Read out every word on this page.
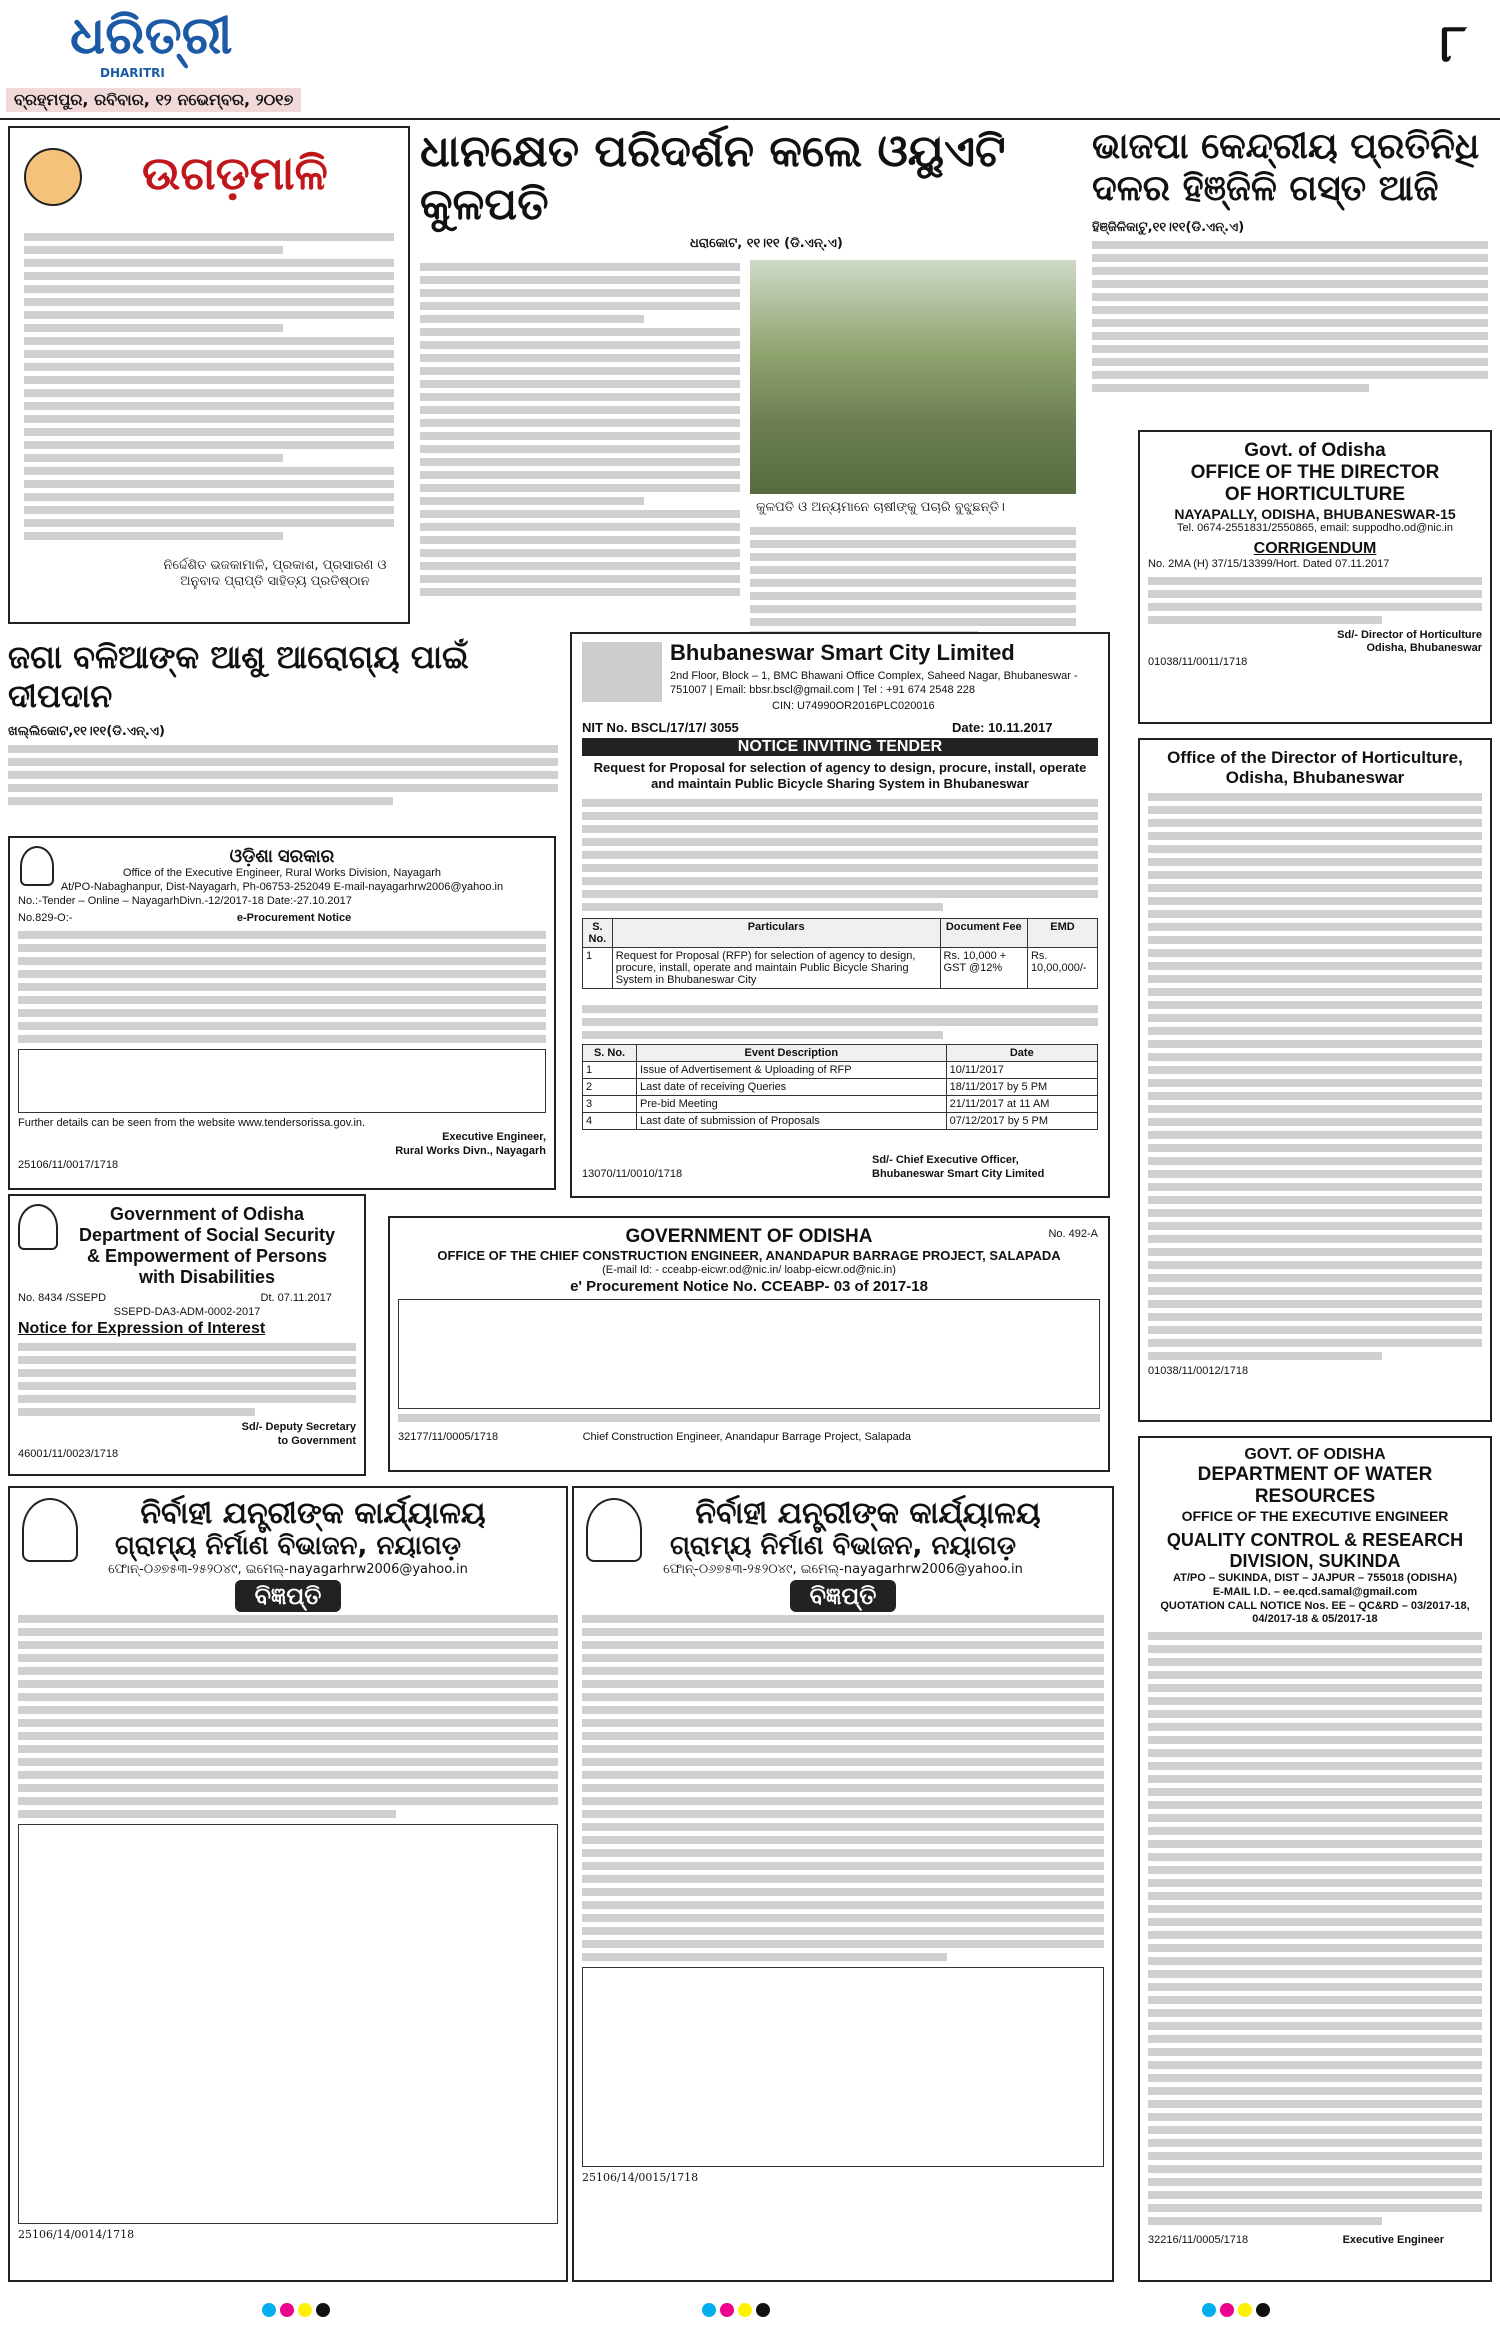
ଧରିତ୍ରୀ
DHARITRI
ବ୍ରହ୍ମପୁର, ରବିବାର, ୧୨ ନଭେମ୍ବର, ୨୦୧୭
୮
ଉଗଡ଼ମାଳି
ନିର୍ଦ୍ଦେଶିତ ଭଜକାମାଳି, ପ୍ରକାଶ, ପ୍ରସାରଣ ଓ ଅନୁବାଦ ପ୍ରାପ୍ତି ସାହିତ୍ୟ ପ୍ରତିଷ୍ଠାନ
ଧାନକ୍ଷେତ ପରିଦର୍ଶନ କଲେ ଓୟୁଏଟି କୁଳପତି
ଧରାକୋଟ, ୧୧।୧୧ (ଡି.ଏନ୍.ଏ)
କୁଳପତି ଓ ଅନ୍ୟମାନେ ଚାଷୀଙ୍କୁ ପଚାରି ବୁଝୁଛନ୍ତି।
ଭାଜପା କେନ୍ଦ୍ରୀୟ ପ୍ରତିନିଧି
ଦଳର ହିଞ୍ଜିଳି ଗସ୍ତ ଆଜି
ହିଞ୍ଜିଳିକାଟୁ,୧୧।୧୧(ଡି.ଏନ୍.ଏ)
Govt. of Odisha
OFFICE OF THE DIRECTOR
OF HORTICULTURE
NAYAPALLY, ODISHA, BHUBANESWAR-15
Tel. 0674-2551831/2550865, email: suppodho.od@nic.in
CORRIGENDUM
No. 2MA (H) 37/15/13399/Hort. Dated 07.11.2017
Sd/- Director of Horticulture
Odisha, Bhubaneswar
01038/11/0011/1718
ଜଗା ବଳିଆଙ୍କ ଆଶୁ ଆରୋଗ୍ୟ ପାଇଁ ଦୀପଦାନ
ଖଲ୍ଲିକୋଟ,୧୧।୧୧(ଡି.ଏନ୍.ଏ)
Bhubaneswar Smart City Limited
2nd Floor, Block – 1, BMC Bhawani Office Complex, Saheed Nagar, Bhubaneswar - 751007 | Email: bbsr.bscl@gmail.com | Tel : +91 674 2548 228
CIN: U74990OR2016PLC020016
NIT No. BSCL/17/17/ 3055	Date: 10.11.2017
NOTICE INVITING TENDER
Request for Proposal for selection of agency to design, procure, install, operate and maintain Public Bicycle Sharing System in Bhubaneswar
S. No.	Particulars	Document Fee	EMD
1	Request for Proposal (RFP) for selection of agency to design, procure, install, operate and maintain Public Bicycle Sharing System in Bhubaneswar City	Rs. 10,000 + GST @12%	Rs. 10,00,000/-
S. No.	Event Description	Date
1	Issue of Advertisement & Uploading of RFP	10/11/2017
2	Last date of receiving Queries	18/11/2017 by 5 PM
3	Pre-bid Meeting	21/11/2017 at 11 AM
4	Last date of submission of Proposals	07/12/2017 by 5 PM
Sd/- Chief Executive Officer,
Bhubaneswar Smart City Limited
13070/11/0010/1718
ଓଡ଼ିଶା ସରକାର
Office of the Executive Engineer, Rural Works Division, Nayagarh
At/PO-Nabaghanpur, Dist-Nayagarh, Ph-06753-252049 E-mail-nayagarhrw2006@yahoo.in
No.:-Tender – Online – NayagarhDivn.-12/2017-18 Date:-27.10.2017
No.829-O:-	e-Procurement Notice
Further details can be seen from the website www.tendersorissa.gov.in.
Executive Engineer,
Rural Works Divn., Nayagarh
25106/11/0017/1718
Office of the Director of Horticulture,
Odisha, Bhubaneswar
01038/11/0012/1718
Government of Odisha
Department of Social Security
& Empowerment of Persons
with Disabilities
No. 8434 /SSEPD	Dt. 07.11.2017
SSEPD-DA3-ADM-0002-2017
Notice for Expression of Interest
Sd/- Deputy Secretary
to Government
46001/11/0023/1718
GOVERNMENT OF ODISHA	No. 492-A
OFFICE OF THE CHIEF CONSTRUCTION ENGINEER, ANANDAPUR BARRAGE PROJECT, SALAPADA
(E-mail Id: - cceabp-eicwr.od@nic.in/ loabp-eicwr.od@nic.in)
e' Procurement Notice No. CCEABP- 03 of 2017-18
32177/11/0005/1718	Chief Construction Engineer, Anandapur Barrage Project, Salapada
GOVT. OF ODISHA
DEPARTMENT OF WATER RESOURCES
OFFICE OF THE EXECUTIVE ENGINEER
QUALITY CONTROL & RESEARCH
DIVISION, SUKINDA
AT/PO – SUKINDA, DIST – JAJPUR – 755018 (ODISHA)
E-MAIL I.D. – ee.qcd.samal@gmail.com
QUOTATION CALL NOTICE Nos. EE – QC&RD – 03/2017-18, 04/2017-18 & 05/2017-18
32216/11/0005/1718	Executive Engineer
ନିର୍ବାହୀ ଯନ୍ତ୍ରୀଙ୍କ କାର୍ଯ୍ୟାଳୟ
ଗ୍ରାମ୍ୟ ନିର୍ମାଣ ବିଭାଜନ, ନୟାଗଡ଼
ଫୋନ୍-୦୬୭୫୩-୨୫୨୦୪୯, ଇମେଲ୍-nayagarhrw2006@yahoo.in
ବିଜ୍ଞପ୍ତି
25106/14/0014/1718
ନିର୍ବାହୀ ଯନ୍ତ୍ରୀଙ୍କ କାର୍ଯ୍ୟାଳୟ
ଗ୍ରାମ୍ୟ ନିର୍ମାଣ ବିଭାଜନ, ନୟାଗଡ଼
ଫୋନ୍-୦୬୭୫୩-୨୫୨୦୪୯, ଇମେଲ୍-nayagarhrw2006@yahoo.in
ବିଜ୍ଞପ୍ତି
25106/14/0015/1718
